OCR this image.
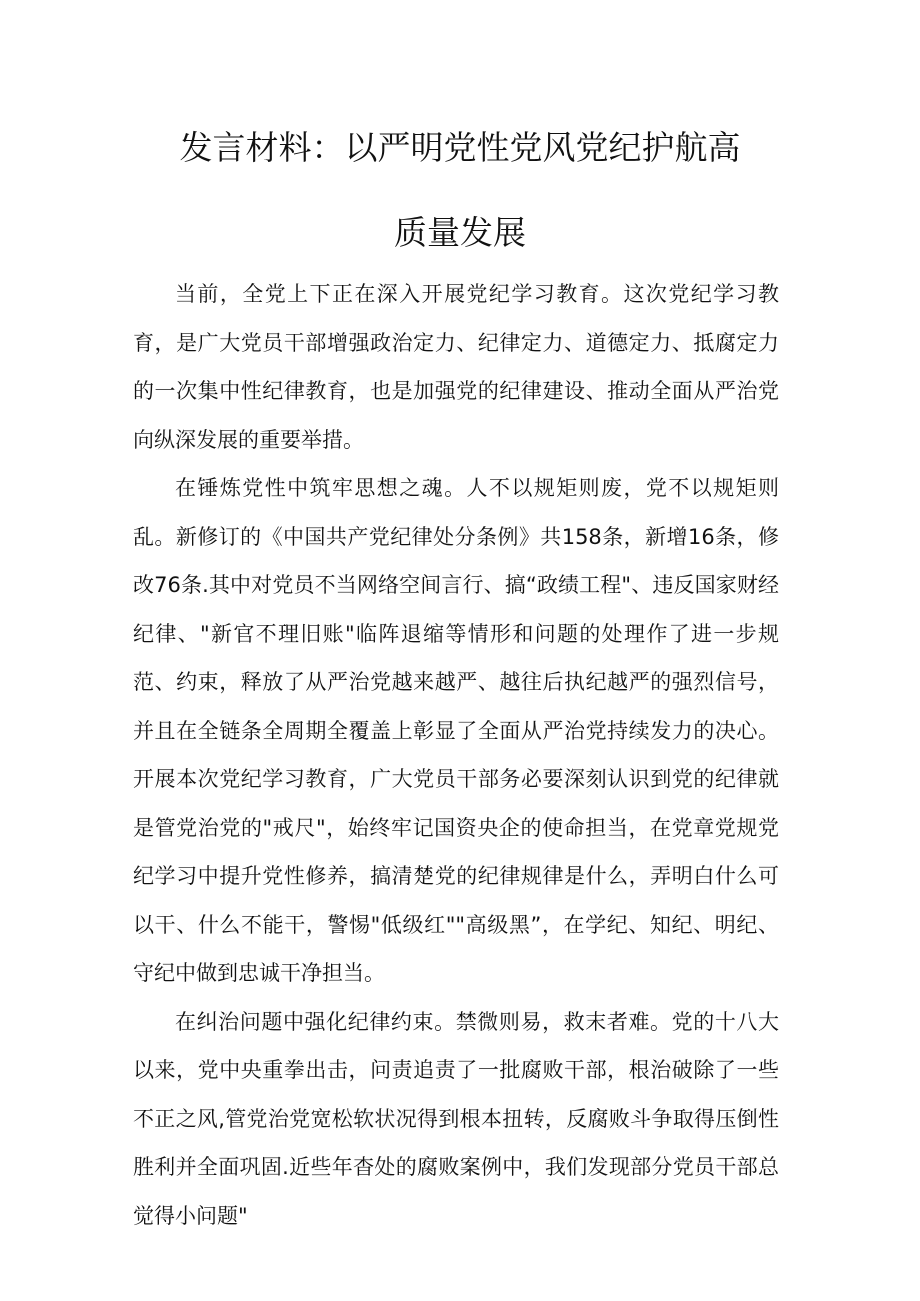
发言材料：以严明党性党风党纪护航高
质量发展

当前，全党上下正在深入开展党纪学习教育。这次党纪学习教育，是广大党员干部增强政治定力、纪律定力、道德定力、抵腐定力的一次集中性纪律教育，也是加强党的纪律建设、推动全面从严治党向纵深发展的重要举措。

在锤炼党性中筑牢思想之魂。人不以规矩则废，党不以规矩则乱。新修订的《中国共产党纪律处分条例》共158条，新增16条，修改76条.其中对党员不当网络空间言行、搞“政绩工程"、违反国家财经纪律、"新官不理旧账"临阵退缩等情形和问题的处理作了进一步规范、约束，释放了从严治党越来越严、越往后执纪越严的强烈信号，并且在全链条全周期全覆盖上彰显了全面从严治党持续发力的决心。开展本次党纪学习教育，广大党员干部务必要深刻认识到党的纪律就是管党治党的"戒尺"，始终牢记国资央企的使命担当，在党章党规党纪学习中提升党性修养，搞清楚党的纪律规律是什么，弄明白什么可以干、什么不能干，警惕"低级红""高级黑”，在学纪、知纪、明纪、守纪中做到忠诚干净担当。

在纠治问题中强化纪律约束。禁微则易，救末者难。党的十八大以来，党中央重拳出击，问责追责了一批腐败干部，根治破除了一些不正之风,管党治党宽松软状况得到根本扭转，反腐败斗争取得压倒性胜利并全面巩固.近些年杳处的腐败案例中，我们发现部分党员干部总觉得小问题"
